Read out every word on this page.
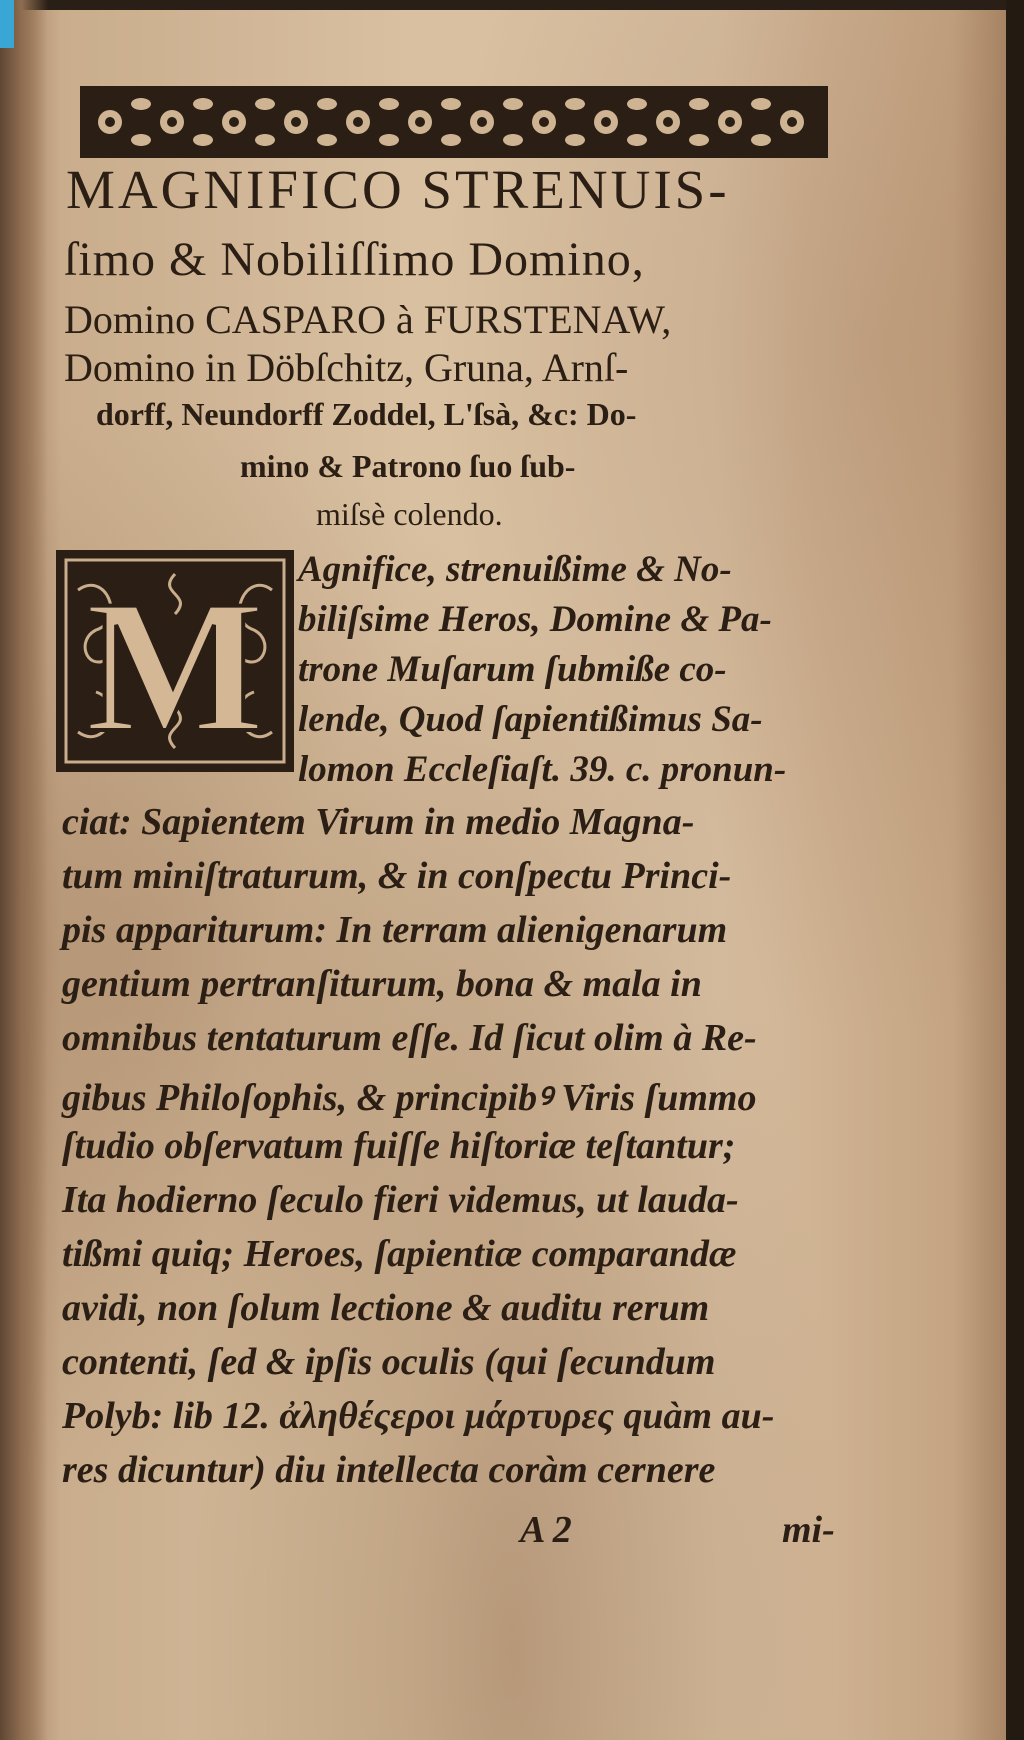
MAGNIFICO STRENUIS-

ſimo & Nobiliſſimo Domino,

Domino CASPARO à FURSTENAW,

Domino in Döbſchitz, Gruna, Arnſ-

dorff, Neundorff Zoddel, L'ſsà, &c: Do-

mino & Patrono ſuo ſub-

miſsè colendo.

M Agnifice, strenuißime & No-

biliſsime Heros, Domine & Pa-

trone Muſarum ſubmiße co-

lende, Quod ſapientißimus Sa-

lomon Eccleſiaſt. 39. c. pronun-

ciat: Sapientem Virum in medio Magna-

tum miniſtraturum, & in conſpectu Princi-

pis appariturum: In terram alienigenarum

gentium pertranſiturum, bona & mala in

omnibus tentaturum eſſe. Id ſicut olim à Re-

gibus Philoſophis, & principibꝰ Viris ſummo

ſtudio obſervatum fuiſſe hiſtoriæ teſtantur;

Ita hodierno ſeculo fieri videmus, ut lauda-

tißmi quiq; Heroes, ſapientiæ comparandæ

avidi, non ſolum lectione & auditu rerum

contenti, ſed & ipſis oculis (qui ſecundum

Polyb: lib 12. ἀληθέςεροι μάρτυρες quàm au-

res dicuntur) diu intellecta coràm cernere

A 2	mi-
